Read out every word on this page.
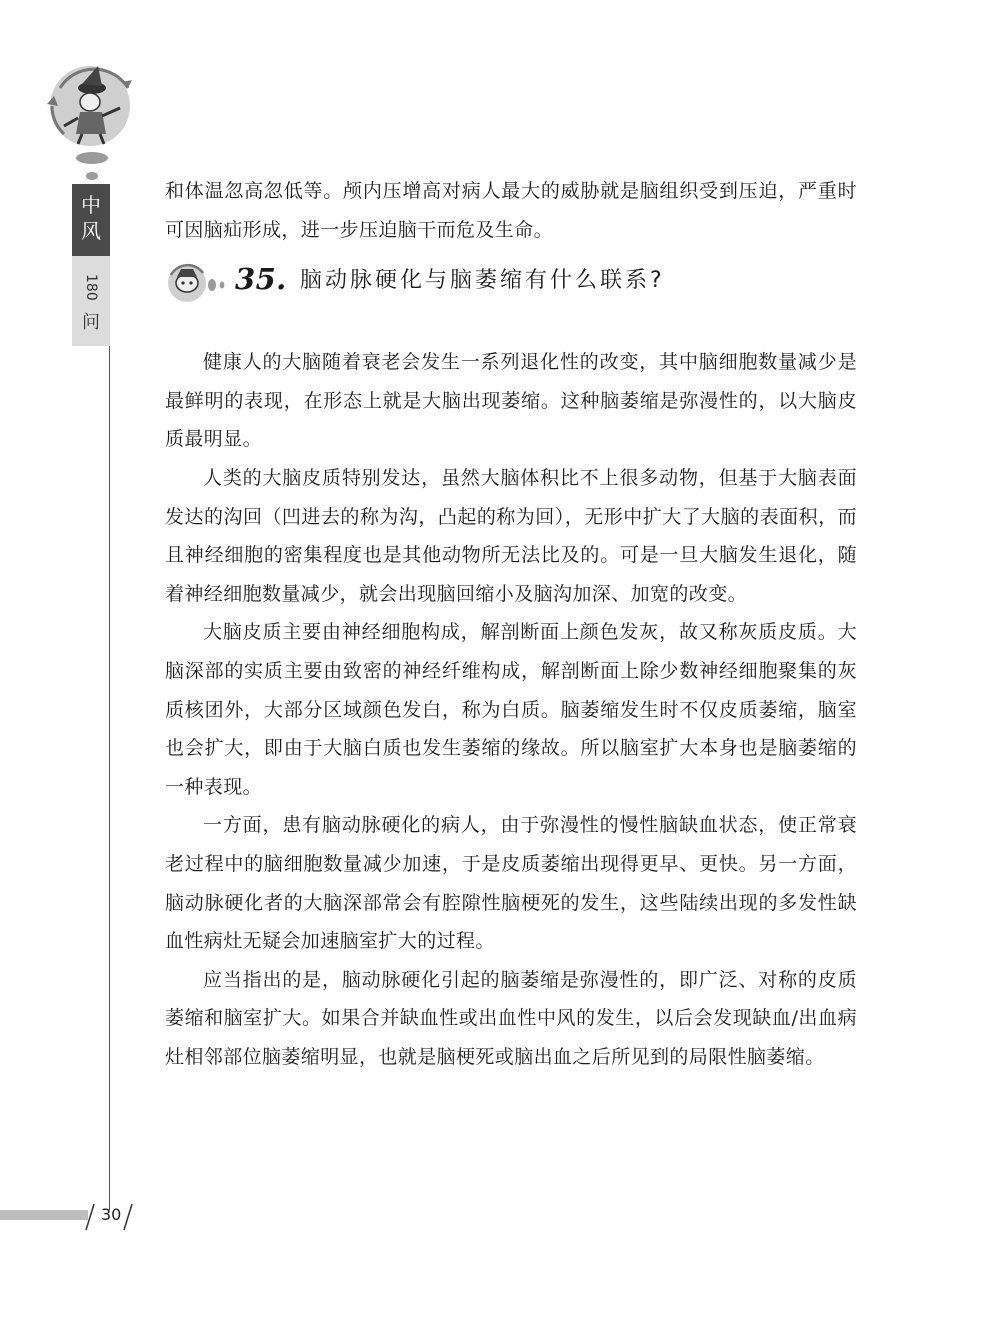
中风
180
问

和体温忽高忽低等。颅内压增高对病人最大的威胁就是脑组织受到压迫，严重时可因脑疝形成，进一步压迫脑干而危及生命。

35. 脑动脉硬化与脑萎缩有什么联系?

健康人的大脑随着衰老会发生一系列退化性的改变，其中脑细胞数量减少是最鲜明的表现，在形态上就是大脑出现萎缩。这种脑萎缩是弥漫性的，以大脑皮质最明显。

人类的大脑皮质特别发达，虽然大脑体积比不上很多动物，但基于大脑表面发达的沟回（凹进去的称为沟，凸起的称为回），无形中扩大了大脑的表面积，而且神经细胞的密集程度也是其他动物所无法比及的。可是一旦大脑发生退化，随着神经细胞数量减少，就会出现脑回缩小及脑沟加深、加宽的改变。

大脑皮质主要由神经细胞构成，解剖断面上颜色发灰，故又称灰质皮质。大脑深部的实质主要由致密的神经纤维构成，解剖断面上除少数神经细胞聚集的灰质核团外，大部分区域颜色发白，称为白质。脑萎缩发生时不仅皮质萎缩，脑室也会扩大，即由于大脑白质也发生萎缩的缘故。所以脑室扩大本身也是脑萎缩的一种表现。

一方面，患有脑动脉硬化的病人，由于弥漫性的慢性脑缺血状态，使正常衰老过程中的脑细胞数量减少加速，于是皮质萎缩出现得更早、更快。另一方面，脑动脉硬化者的大脑深部常会有腔隙性脑梗死的发生，这些陆续出现的多发性缺血性病灶无疑会加速脑室扩大的过程。

应当指出的是，脑动脉硬化引起的脑萎缩是弥漫性的，即广泛、对称的皮质萎缩和脑室扩大。如果合并缺血性或出血性中风的发生，以后会发现缺血/出血病灶相邻部位脑萎缩明显，也就是脑梗死或脑出血之后所见到的局限性脑萎缩。

30
